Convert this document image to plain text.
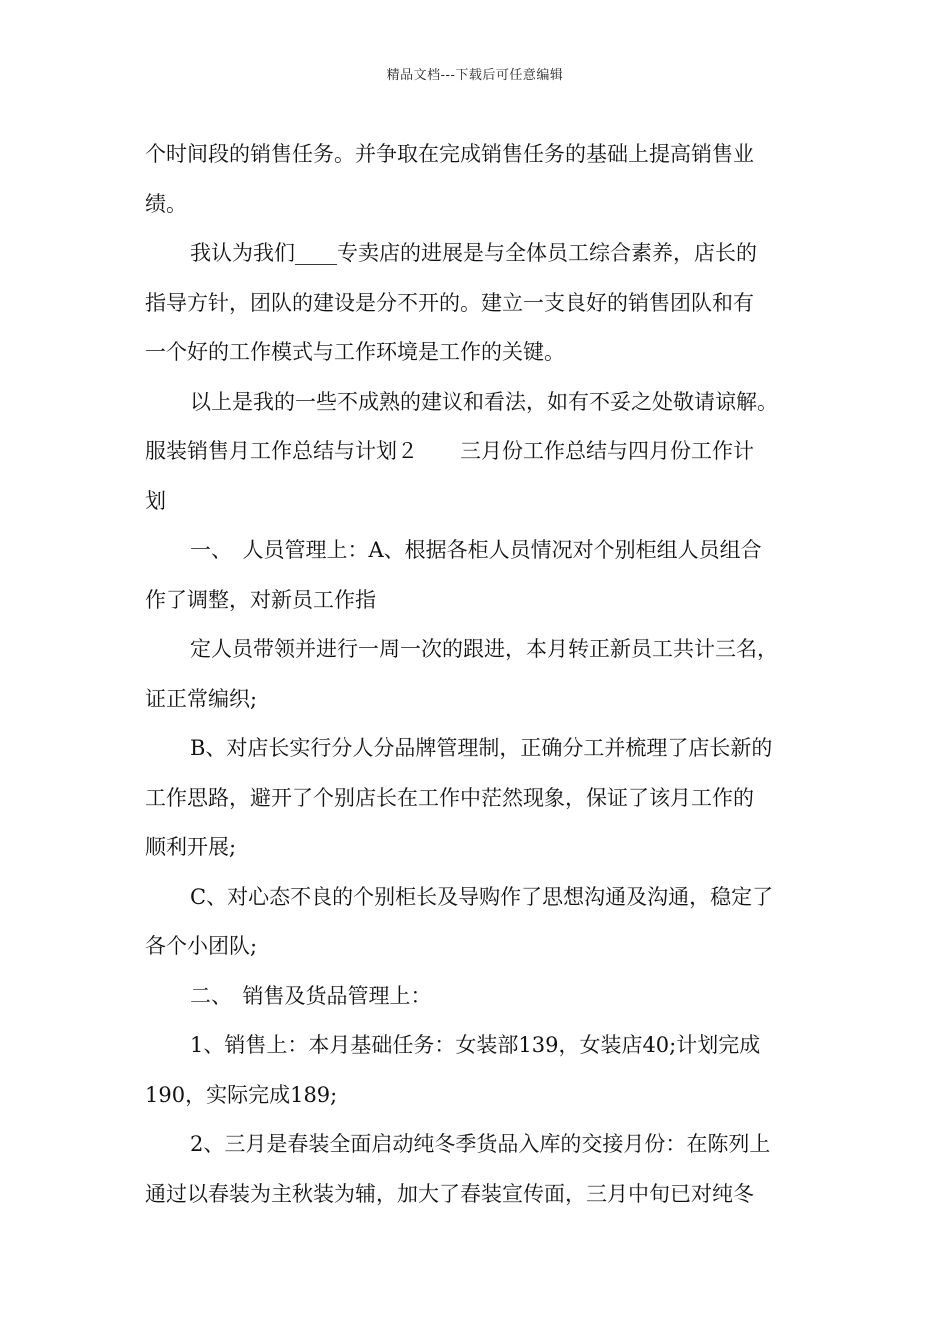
精品文档---下载后可任意编辑
个时间段的销售任务。并争取在完成销售任务的基础上提高销售业
绩。
我认为我们____专卖店的进展是与全体员工综合素养，店长的
指导方针，团队的建设是分不开的。建立一支良好的销售团队和有
一个好的工作模式与工作环境是工作的关键。
以上是我的一些不成熟的建议和看法，如有不妥之处敬请谅解。
服装销售月工作总结与计划２　　三月份工作总结与四月份工作计
划
一、　人员管理上：A、根据各柜人员情况对个别柜组人员组合
作了调整，对新员工作指
定人员带领并进行一周一次的跟进，本月转正新员工共计三名，
证正常编织;
B、对店长实行分人分品牌管理制，正确分工并梳理了店长新的
工作思路，避开了个别店长在工作中茫然现象，保证了该月工作的
顺利开展;
C、对心态不良的个别柜长及导购作了思想沟通及沟通，稳定了
各个小团队;
二、　销售及货品管理上：
1、销售上：本月基础任务：女装部139，女装店40;计划完成
190，实际完成189;
2、三月是春装全面启动纯冬季货品入库的交接月份：在陈列上
通过以春装为主秋装为辅，加大了春装宣传面，三月中旬已对纯冬
